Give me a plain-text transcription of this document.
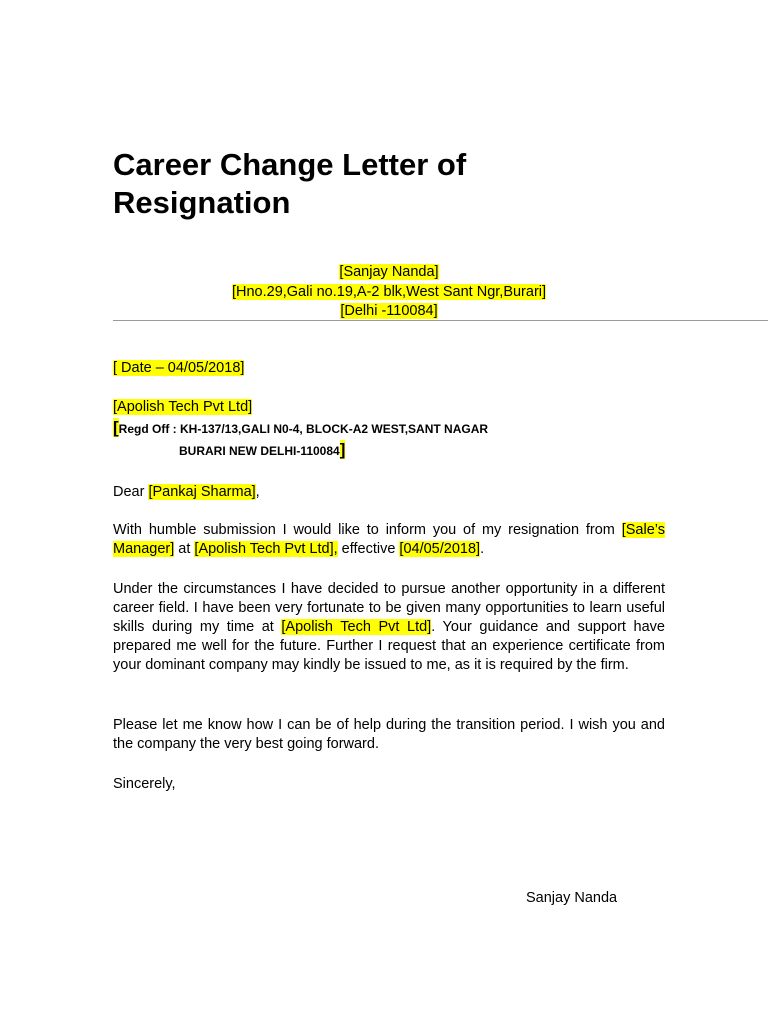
Career Change Letter of
Resignation
[Sanjay Nanda]
[Hno.29,Gali no.19,A-2 blk,West Sant Ngr,Burari]
[Delhi -110084]
[ Date – 04/05/2018]
[Apolish Tech Pvt Ltd]
[Regd Off : KH-137/13,GALI N0-4, BLOCK-A2 WEST,SANT NAGAR
BURARI NEW DELHI-110084]
Dear [Pankaj Sharma],

With humble submission I would like to inform you of my resignation from [Sale’s Manager] at [Apolish Tech Pvt Ltd], effective [04/05/2018].

Under the circumstances I have decided to pursue another opportunity in a different career field. I have been very fortunate to be given many opportunities to learn useful skills during my time at [Apolish Tech Pvt Ltd]. Your guidance and support have prepared me well for the future. Further I request that an experience certificate from your dominant company may kindly be issued to me, as it is required by the firm.

Please let me know how I can be of help during the transition period. I wish you and the company the very best going forward.

Sincerely,
Sanjay Nanda
